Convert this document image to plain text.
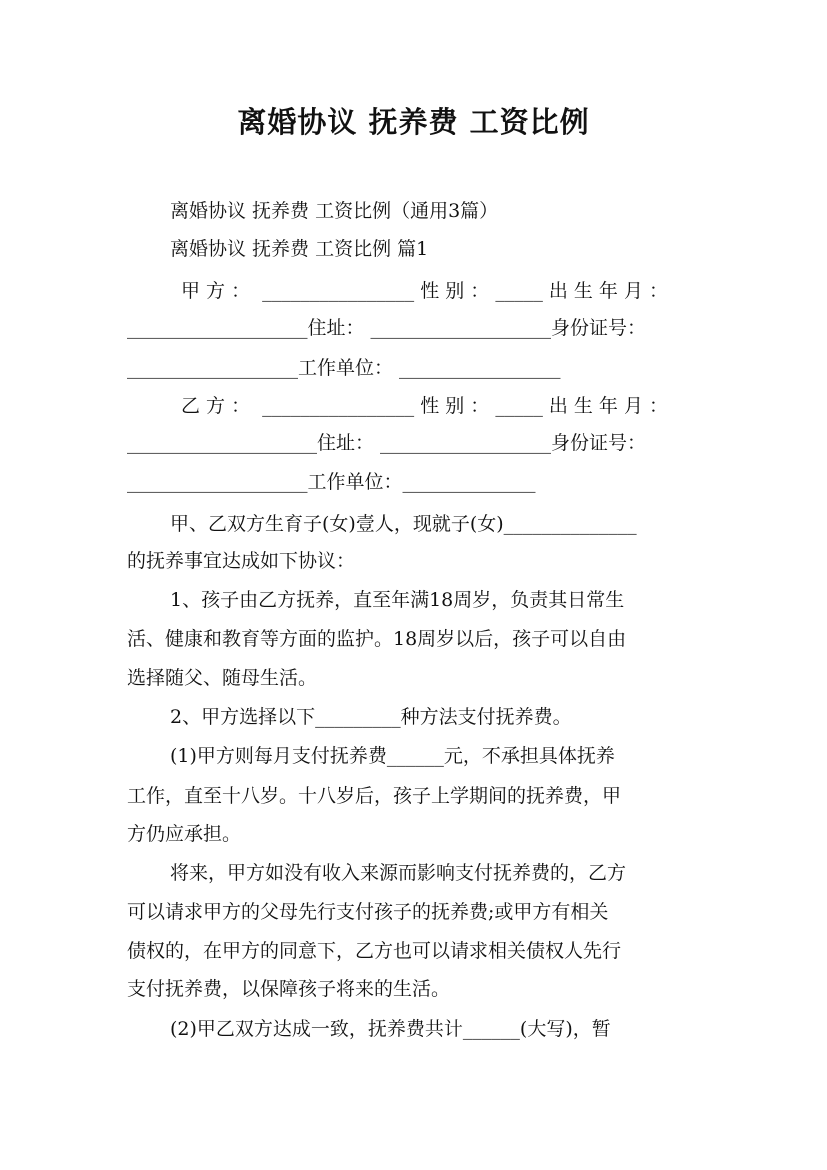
离婚协议 抚养费 工资比例
离婚协议 抚养费 工资比例（通用3篇）
离婚协议 抚养费 工资比例 篇1
甲 方 ：  ________________ 性 别 ： _____ 出 生 年 月 ：
___________________住址： ___________________身份证号：
__________________工作单位： _________________
乙 方 ：  ________________ 性 别 ： _____ 出 生 年 月 ：
____________________住址： __________________身份证号：
___________________工作单位：______________
甲、乙双方生育子(女)壹人，现就子(女)______________
的抚养事宜达成如下协议：
1、孩子由乙方抚养，直至年满18周岁，负责其日常生
活、健康和教育等方面的监护。18周岁以后，孩子可以自由
选择随父、随母生活。
2、甲方选择以下_________种方法支付抚养费。
(1)甲方则每月支付抚养费______元，不承担具体抚养
工作，直至十八岁。十八岁后，孩子上学期间的抚养费，甲
方仍应承担。
将来，甲方如没有收入来源而影响支付抚养费的，乙方
可以请求甲方的父母先行支付孩子的抚养费;或甲方有相关
债权的，在甲方的同意下，乙方也可以请求相关债权人先行
支付抚养费，以保障孩子将来的生活。
(2)甲乙双方达成一致，抚养费共计______(大写)，暂
